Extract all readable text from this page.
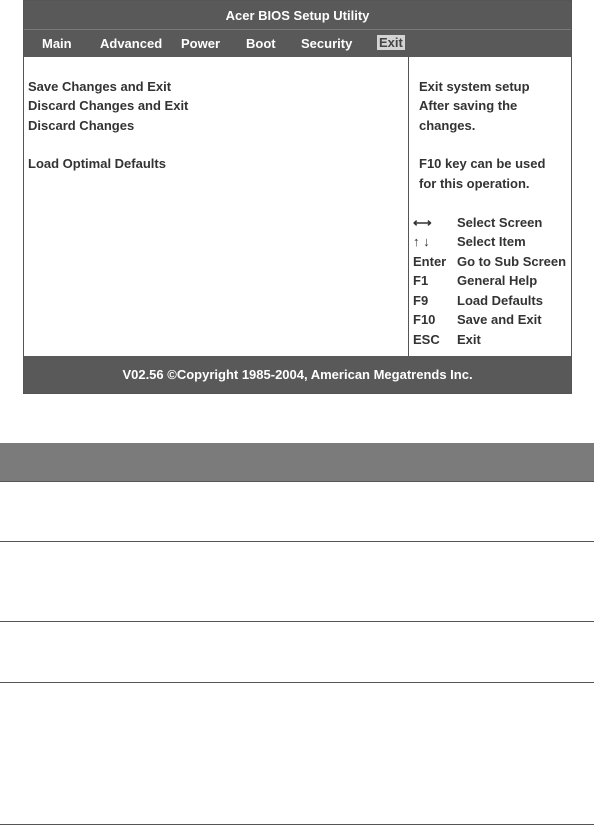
Acer BIOS Setup Utility
Main Advanced Power Boot Security Exit
Save Changes and Exit
Discard Changes and Exit
Discard Changes
Load Optimal Defaults
Exit system setup
After saving the
changes.
F10 key can be used
for this operation.
⟷ Select Screen
↑ ↓ Select Item
Enter Go to Sub Screen
F1 General Help
F9 Load Defaults
F10 Save and Exit
ESC Exit
V02.56 ©Copyright 1985-2004, American Megatrends Inc.
